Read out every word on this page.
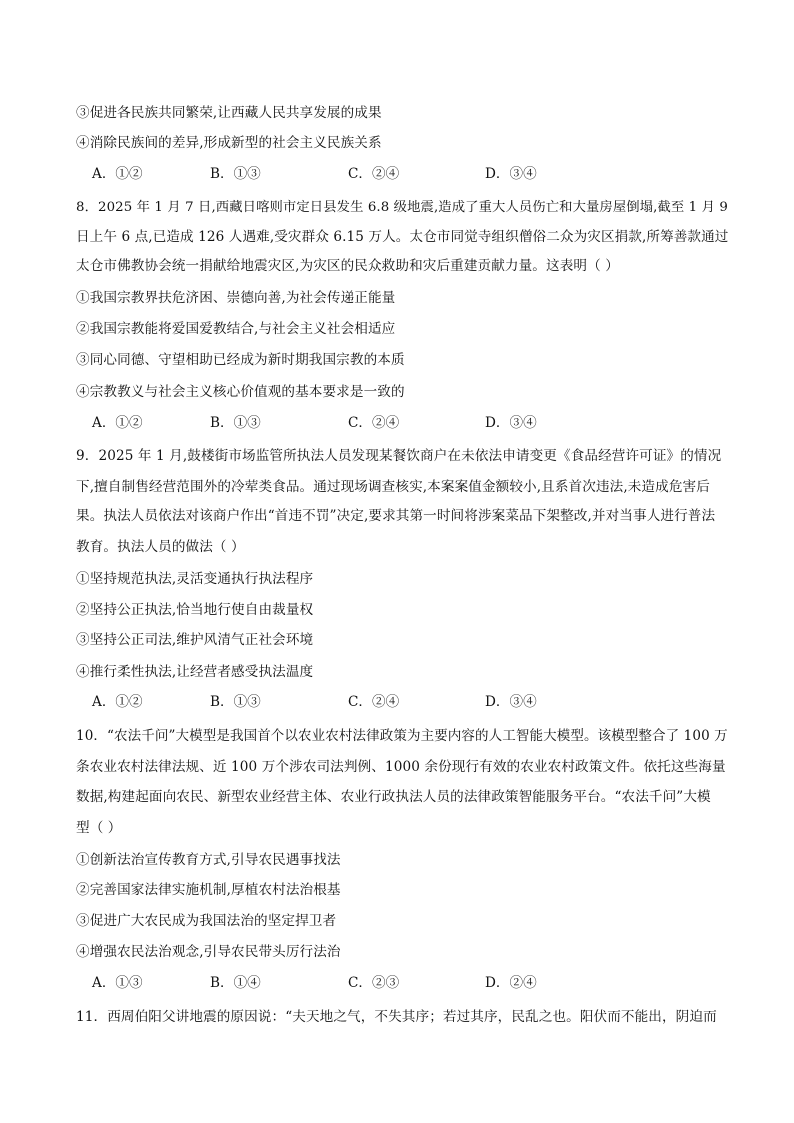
③促进各民族共同繁荣,让西藏人民共享发展的成果
④消除民族间的差异,形成新型的社会主义民族关系
A．①②	B．①③	C．②④	D．③④
8．2025 年 1 月 7 日,西藏日喀则市定日县发生 6.8 级地震,造成了重大人员伤亡和大量房屋倒塌,截至 1 月 9
日上午 6 点,已造成 126 人遇难,受灾群众 6.15 万人。太仓市同觉寺组织僧俗二众为灾区捐款,所筹善款通过
太仓市佛教协会统一捐献给地震灾区,为灾区的民众救助和灾后重建贡献力量。这表明（ ）
①我国宗教界扶危济困、崇德向善,为社会传递正能量
②我国宗教能将爱国爱教结合,与社会主义社会相适应
③同心同德、守望相助已经成为新时期我国宗教的本质
④宗教教义与社会主义核心价值观的基本要求是一致的
A．①②	B．①③	C．②④	D．③④
9．2025 年 1 月,鼓楼街市场监管所执法人员发现某餐饮商户在未依法申请变更《食品经营许可证》的情况
下,擅自制售经营范围外的冷荤类食品。通过现场调查核实,本案案值金额较小,且系首次违法,未造成危害后
果。执法人员依法对该商户作出“首违不罚”决定,要求其第一时间将涉案菜品下架整改,并对当事人进行普法
教育。执法人员的做法（ ）
①坚持规范执法,灵活变通执行执法程序
②坚持公正执法,恰当地行使自由裁量权
③坚持公正司法,维护风清气正社会环境
④推行柔性执法,让经营者感受执法温度
A．①②	B．①③	C．②④	D．③④
10．“农法千问”大模型是我国首个以农业农村法律政策为主要内容的人工智能大模型。该模型整合了 100 万
条农业农村法律法规、近 100 万个涉农司法判例、1000 余份现行有效的农业农村政策文件。依托这些海量
数据,构建起面向农民、新型农业经营主体、农业行政执法人员的法律政策智能服务平台。“农法千问”大模
型（ ）
①创新法治宣传教育方式,引导农民遇事找法
②完善国家法律实施机制,厚植农村法治根基
③促进广大农民成为我国法治的坚定捍卫者
④增强农民法治观念,引导农民带头厉行法治
A．①③	B．①④	C．②③	D．②④
11．西周伯阳父讲地震的原因说：“夫天地之气，不失其序；若过其序，民乱之也。阳伏而不能出，阴迫而
